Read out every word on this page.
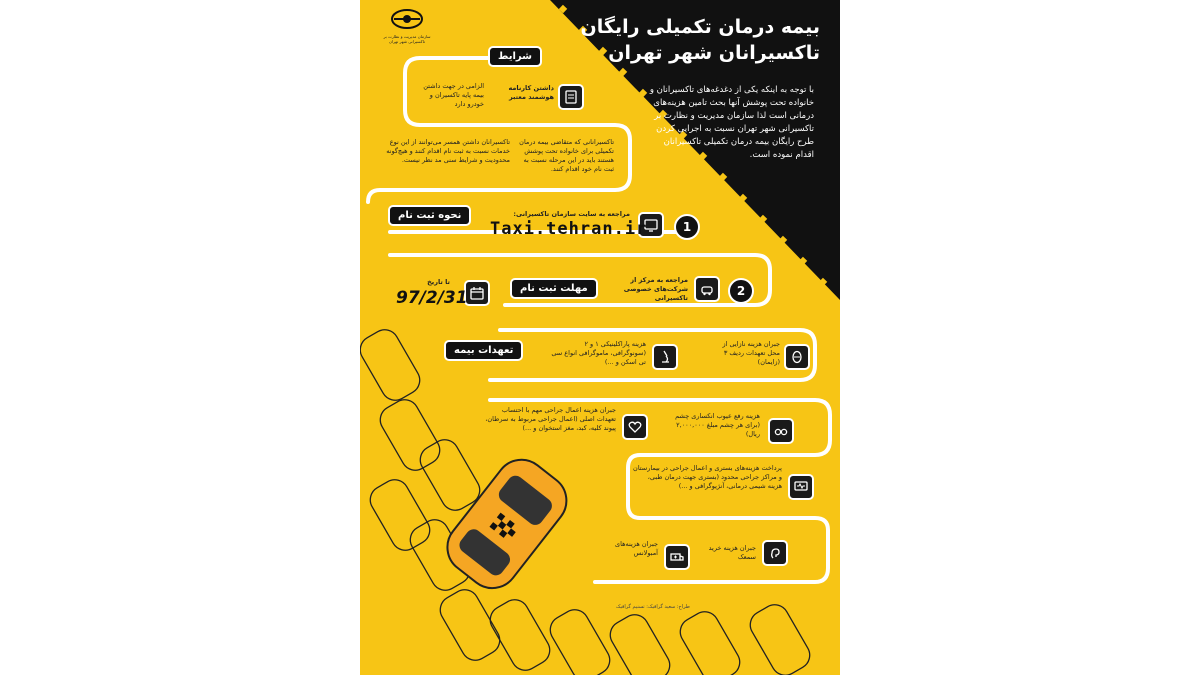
سازمان مدیریت و نظارت بر تاکسیرانی شهر تهران
بیمه درمان تکمیلی رایگان
تاکسیرانان شهر تهران
با توجه به اینکه یکی از دغدغه‌های تاکسیرانان و خانواده تحت پوشش آنها بحث تامین هزینه‌های درمانی است لذا سازمان مدیریت و نظارت بر تاکسیرانی شهر تهران نسبت به اجرایی کردن طرح رایگان بیمه درمان تکمیلی تاکسیرانان اقدام نموده است.
شرایط
داشتن کارنامه هوشمند معتبر
الزامی در جهت داشتن بیمه پایه تاکسیران و خودرو دارد
تاکسیرانانی که متقاضی بیمه درمان تکمیلی برای خانواده تحت پوشش هستند باید در این مرحله نسبت به ثبت نام خود اقدام کنند.
تاکسیرانان داشتن همسر می‌توانند از این نوع خدمات نسبت به ثبت نام اقدام کنند و هیچ‌گونه محدودیت و شرایط سنی مد نظر نیست.
نحوه ثبت نام
1
مراجعه به سایت سازمان تاکسیرانی:
Taxi.tehran.ir
2
مراجعه به مرکز از شرکت‌های خصوصی تاکسیرانی
مهلت ثبت نام
تا تاریخ
97/2/31
تعهدات بیمه
جبران هزینه نازایی از محل تعهدات ردیف ۳ (زایمان)
هزینه پاراکلینیکی ۱ و ۲ (سونوگرافی، ماموگرافی انواع سی تی اسکن و ...)
هزینه رفع عیوب انکساری چشم (برای هر چشم مبلغ ۲,۰۰۰,۰۰۰ ریال)
جبران هزینه اعمال جراحی مهم با احتساب تعهدات اصلی (اعمال جراحی مربوط به سرطان، پیوند کلیه، کبد، مغز استخوان و ...)
پرداخت هزینه‌های بستری و اعمال جراحی در بیمارستان و مراکز جراحی محدود (بستری جهت درمان طبی، هزینه شیمی درمانی، آنژیوگرافی و ...)
جبران هزینه خرید سمعک
جبران هزینه‌های آمبولانس
طراح: سعید گرافیک: تسنیم گرافیک
